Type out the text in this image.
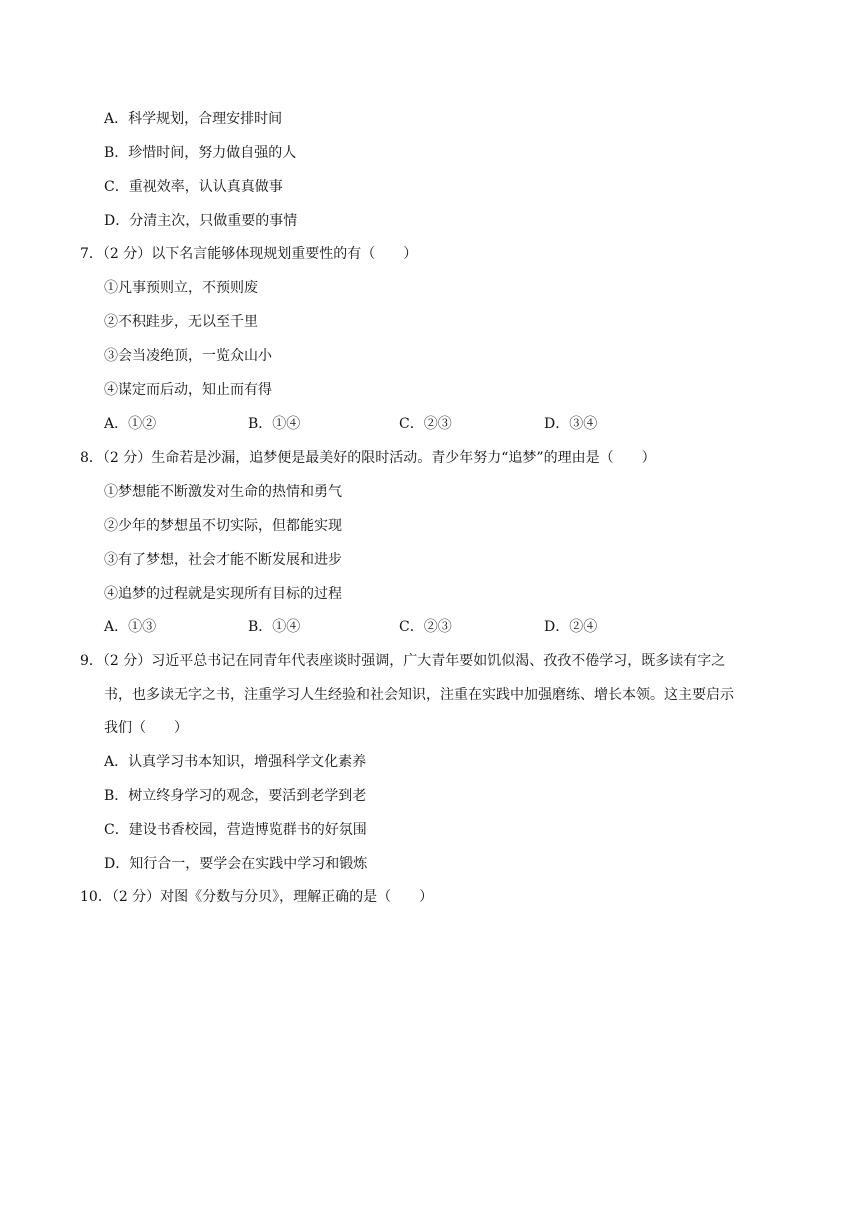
A．科学规划，合理安排时间
B．珍惜时间，努力做自强的人
C．重视效率，认认真真做事
D．分清主次，只做重要的事情
7．（2 分）以下名言能够体现规划重要性的有（　　）
①凡事预则立，不预则废
②不积跬步，无以至千里
③会当凌绝顶，一览众山小
④谋定而后动，知止而有得
A．①②	B．①④	C．②③	D．③④
8．（2 分）生命若是沙漏，追梦便是最美好的限时活动。青少年努力“追梦”的理由是（　　）
①梦想能不断激发对生命的热情和勇气
②少年的梦想虽不切实际，但都能实现
③有了梦想，社会才能不断发展和进步
④追梦的过程就是实现所有目标的过程
A．①③	B．①④	C．②③	D．②④
9．（2 分）习近平总书记在同青年代表座谈时强调，广大青年要如饥似渴、孜孜不倦学习，既多读有字之
书，也多读无字之书，注重学习人生经验和社会知识，注重在实践中加强磨练、增长本领。这主要启示
我们（　　）
A．认真学习书本知识，增强科学文化素养
B．树立终身学习的观念，要活到老学到老
C．建设书香校园，营造博览群书的好氛围
D．知行合一，要学会在实践中学习和锻炼
10．（2 分）对图《分数与分贝》，理解正确的是（　　）
